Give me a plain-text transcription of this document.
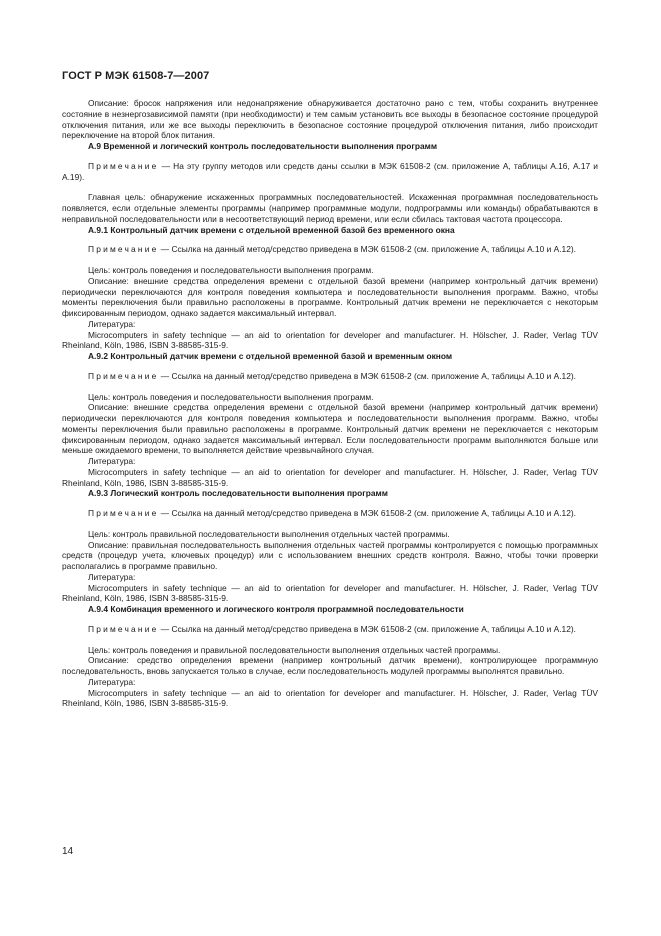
ГОСТ Р МЭК 61508-7—2007

Описание: бросок напряжения или недонапряжение обнаруживается достаточно рано с тем, чтобы сохранить внутреннее состояние в незнергозависимой памяти (при необходимости) и тем самым установить все выходы в безопасное состояние процедурой отключения питания, или же все выходы переключить в безопасное состояние процедурой отключения питания, либо происходит переключение на второй блок питания.

А.9 Временной и логический контроль последовательности выполнения программ

Примечание — На эту группу методов или средств даны ссылки в МЭК 61508-2 (см. приложение А, таблицы А.16, А.17 и А.19).

Главная цель: обнаружение искаженных программных последовательностей. Искаженная программная последовательность появляется, если отдельные элементы программы (например программные модули, подпрограммы или команды) обрабатываются в неправильной последовательности или в несоответствующий период времени, или если сбилась тактовая частота процессора.

А.9.1 Контрольный датчик времени с отдельной временной базой без временного окна

Примечание — Ссылка на данный метод/средство приведена в МЭК 61508-2 (см. приложение А, таблицы А.10 и А.12).

Цель: контроль поведения и последовательности выполнения программ.

Описание: внешние средства определения времени с отдельной базой времени (например контрольный датчик времени) периодически переключаются для контроля поведения компьютера и последовательности выполнения программ. Важно, чтобы моменты переключения были правильно расположены в программе. Контрольный датчик времени не переключается с некоторым фиксированным периодом, однако задается максимальный интервал.

Литература:

Microcomputers in safety technique — an aid to orientation for developer and manufacturer. H. Hölscher, J. Rader, Verlag TÜV Rheinland, Köln, 1986, ISBN 3-88585-315-9.

А.9.2 Контрольный датчик времени с отдельной временной базой и временным окном

Примечание — Ссылка на данный метод/средство приведена в МЭК 61508-2 (см. приложение А, таблицы А.10 и А.12).

Цель: контроль поведения и последовательности выполнения программ.

Описание: внешние средства определения времени с отдельной базой времени (например контрольный датчик времени) периодически переключаются для контроля поведения компьютера и последовательности выполнения программ. Важно, чтобы моменты переключения были правильно расположены в программе. Контрольный датчик времени не переключается с некоторым фиксированным периодом, однако задается максимальный интервал. Если последовательности программ выполняются больше или меньше ожидаемого времени, то выполняется действие чрезвычайного случая.

Литература:

Microcomputers in safety technique — an aid to orientation for developer and manufacturer. H. Hölscher, J. Rader, Verlag TÜV Rheinland, Köln, 1986, ISBN 3-88585-315-9.

А.9.3 Логический контроль последовательности выполнения программ

Примечание — Ссылка на данный метод/средство приведена в МЭК 61508-2 (см. приложение А, таблицы А.10 и А.12).

Цель: контроль правильной последовательности выполнения отдельных частей программы.

Описание: правильная последовательность выполнения отдельных частей программы контролируется с помощью программных средств (процедур учета, ключевых процедур) или с использованием внешних средств контроля. Важно, чтобы точки проверки располагались в программе правильно.

Литература:

Microcomputers in safety technique — an aid to orientation for developer and manufacturer. H. Hölscher, J. Rader, Verlag TÜV Rheinland, Köln, 1986, ISBN 3-88585-315-9.

А.9.4 Комбинация временного и логического контроля программной последовательности

Примечание — Ссылка на данный метод/средство приведена в МЭК 61508-2 (см. приложение А, таблицы А.10 и А.12).

Цель: контроль поведения и правильной последовательности выполнения отдельных частей программы.

Описание: средство определения времени (например контрольный датчик времени), контролирующее программную последовательность, вновь запускается только в случае, если последовательность модулей программы выполнятся правильно.

Литература:

Microcomputers in safety technique — an aid to orientation for developer and manufacturer. H. Hölscher, J. Rader, Verlag TÜV Rheinland, Köln, 1986, ISBN 3-88585-315-9.

14
